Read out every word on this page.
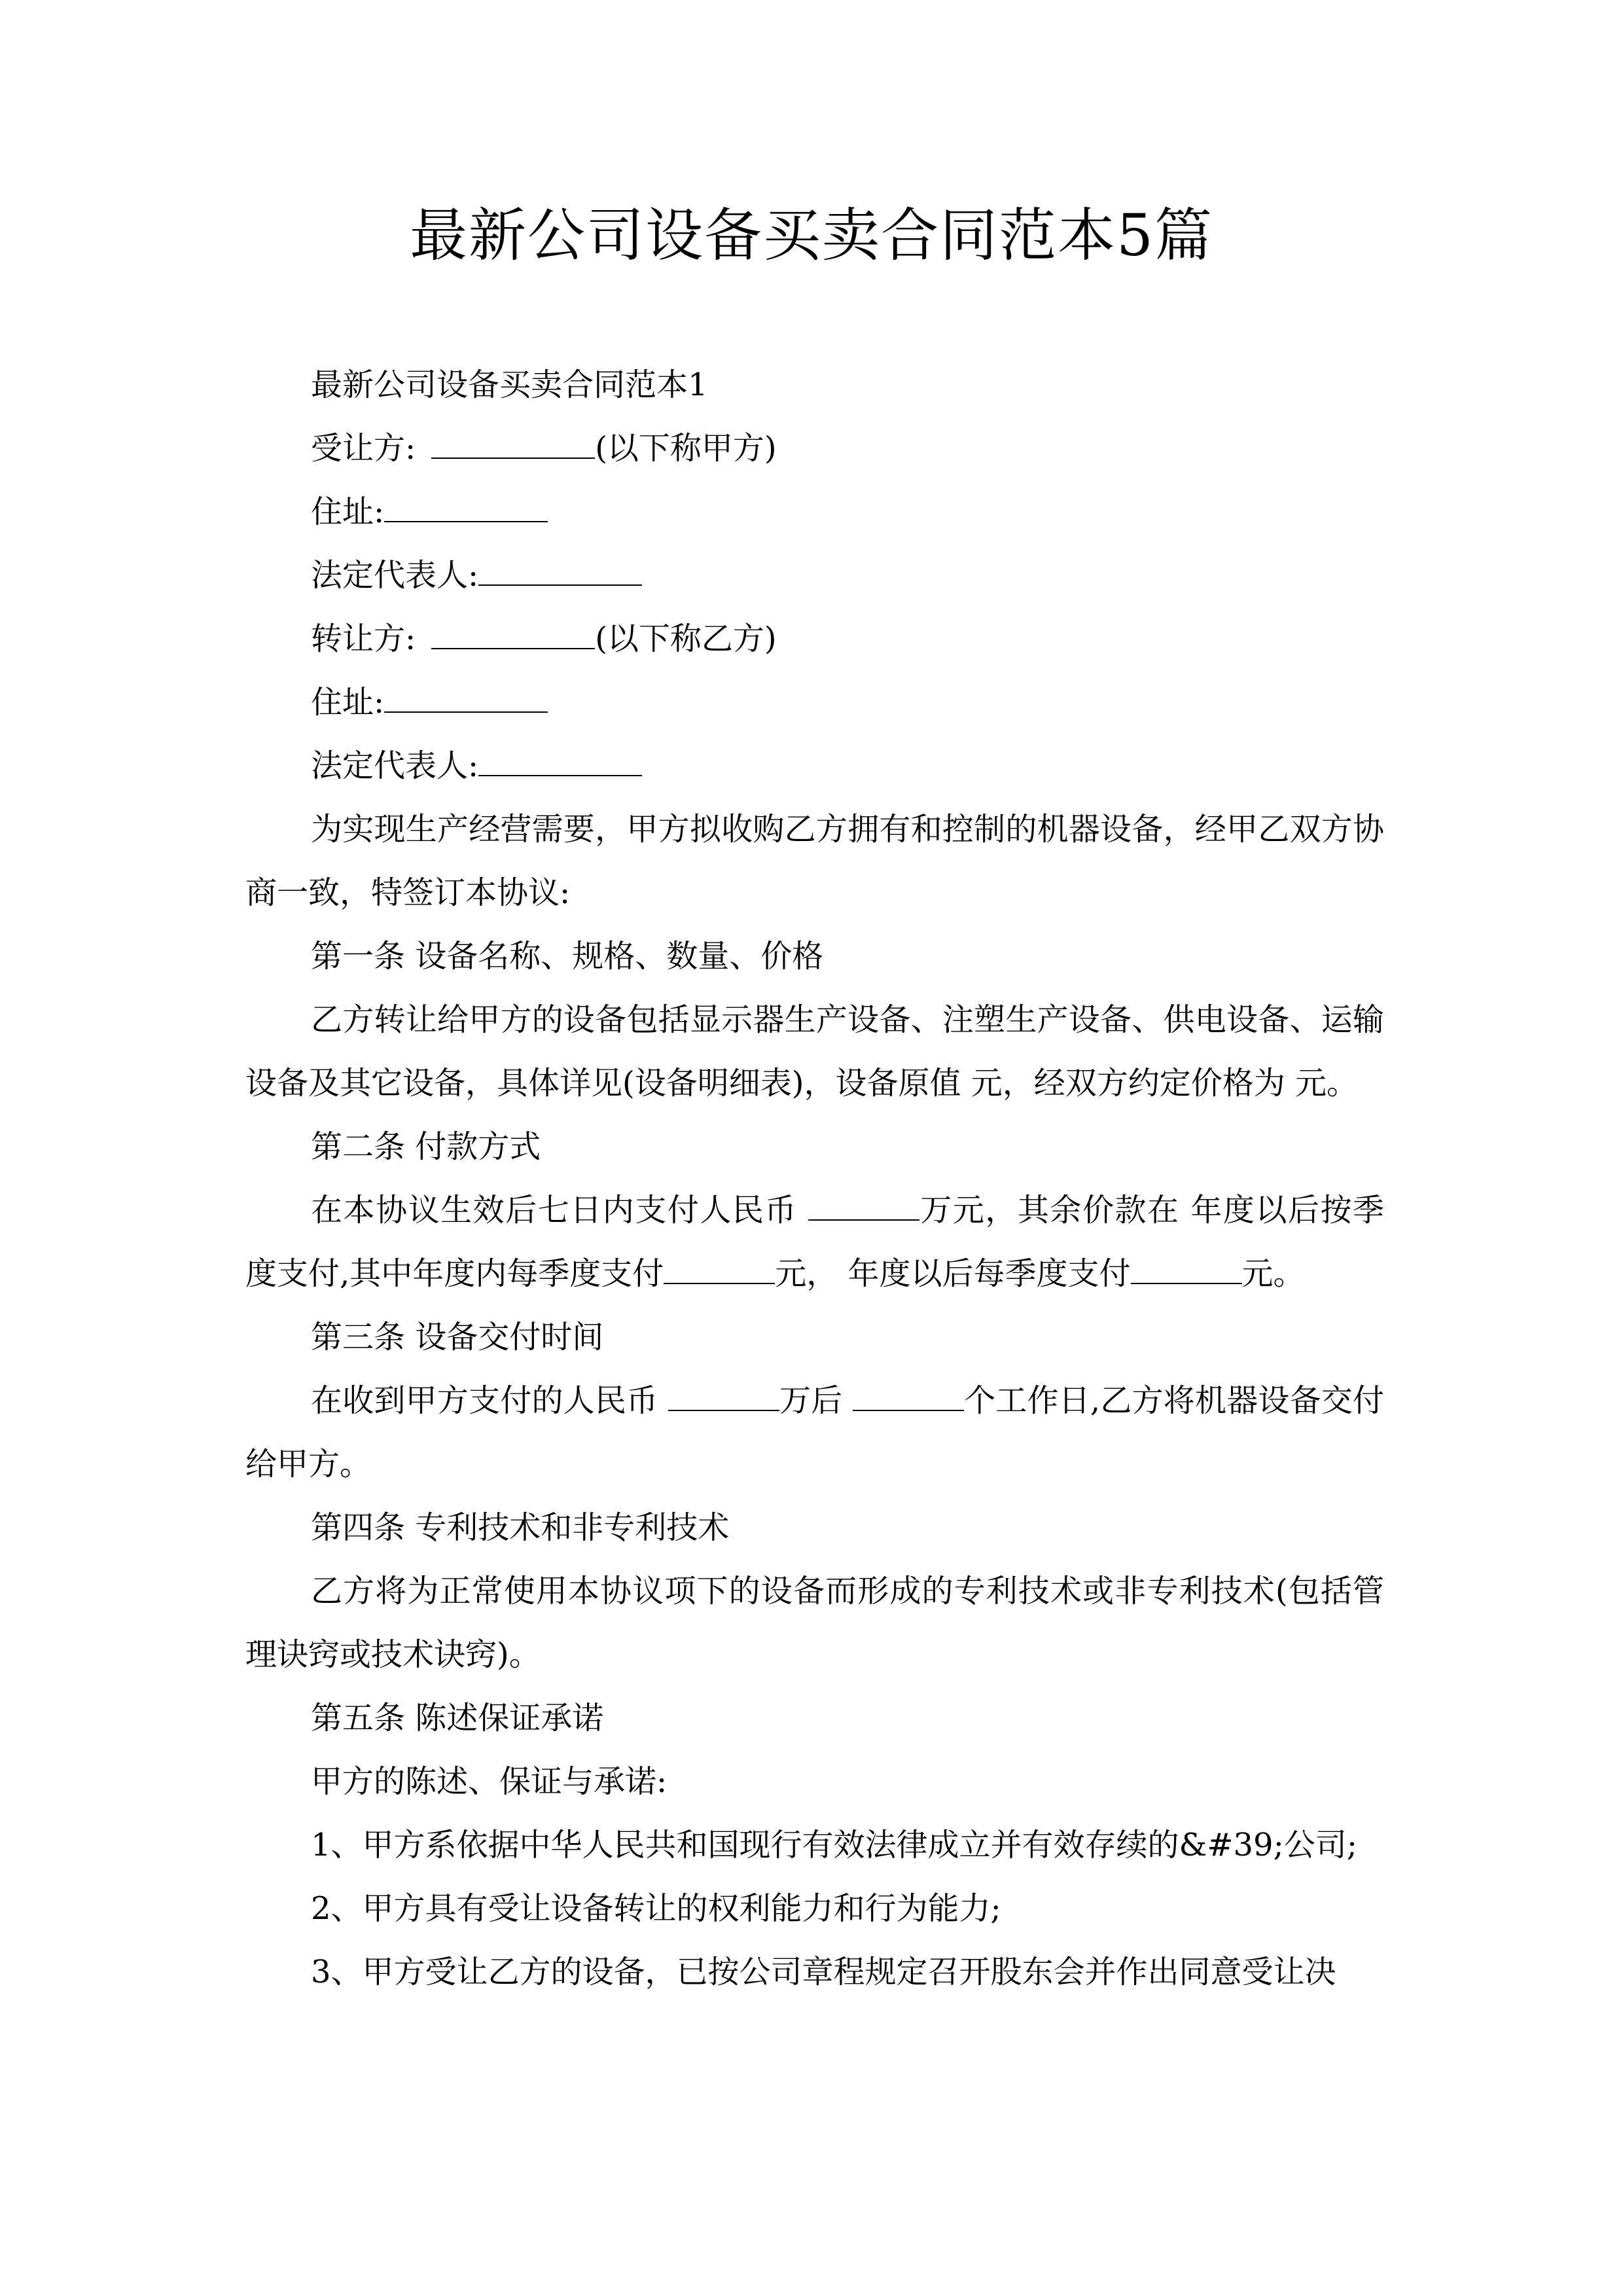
最新公司设备买卖合同范本5篇

最新公司设备买卖合同范本1

受让方:	(以下称甲方)

住址:

法定代表人:

转让方:	(以下称乙方)

住址:

法定代表人:

为实现生产经营需要，甲方拟收购乙方拥有和控制的机器设备，经甲乙双方协商一致，特签订本协议:

第一条 设备名称、规格、数量、价格

乙方转让给甲方的设备包括显示器生产设备、注塑生产设备、供电设备、运输设备及其它设备，具体详见(设备明细表)，设备原值 元，经双方约定价格为 元。

第二条 付款方式

在本协议生效后七日内支付人民币	万元，其余价款在 年度以后按季度支付,其中年度内每季度支付	元， 年度以后每季度支付	元。

第三条 设备交付时间

在收到甲方支付的人民币	万后	个工作日,乙方将机器设备交付给甲方。

第四条 专利技术和非专利技术

乙方将为正常使用本协议项下的设备而形成的专利技术或非专利技术(包括管理诀窍或技术诀窍)。

第五条 陈述保证承诺

甲方的陈述、保证与承诺:

1、甲方系依据中华人民共和国现行有效法律成立并有效存续的&#39;公司;

2、甲方具有受让设备转让的权利能力和行为能力;

3、甲方受让乙方的设备，已按公司章程规定召开股东会并作出同意受让决
